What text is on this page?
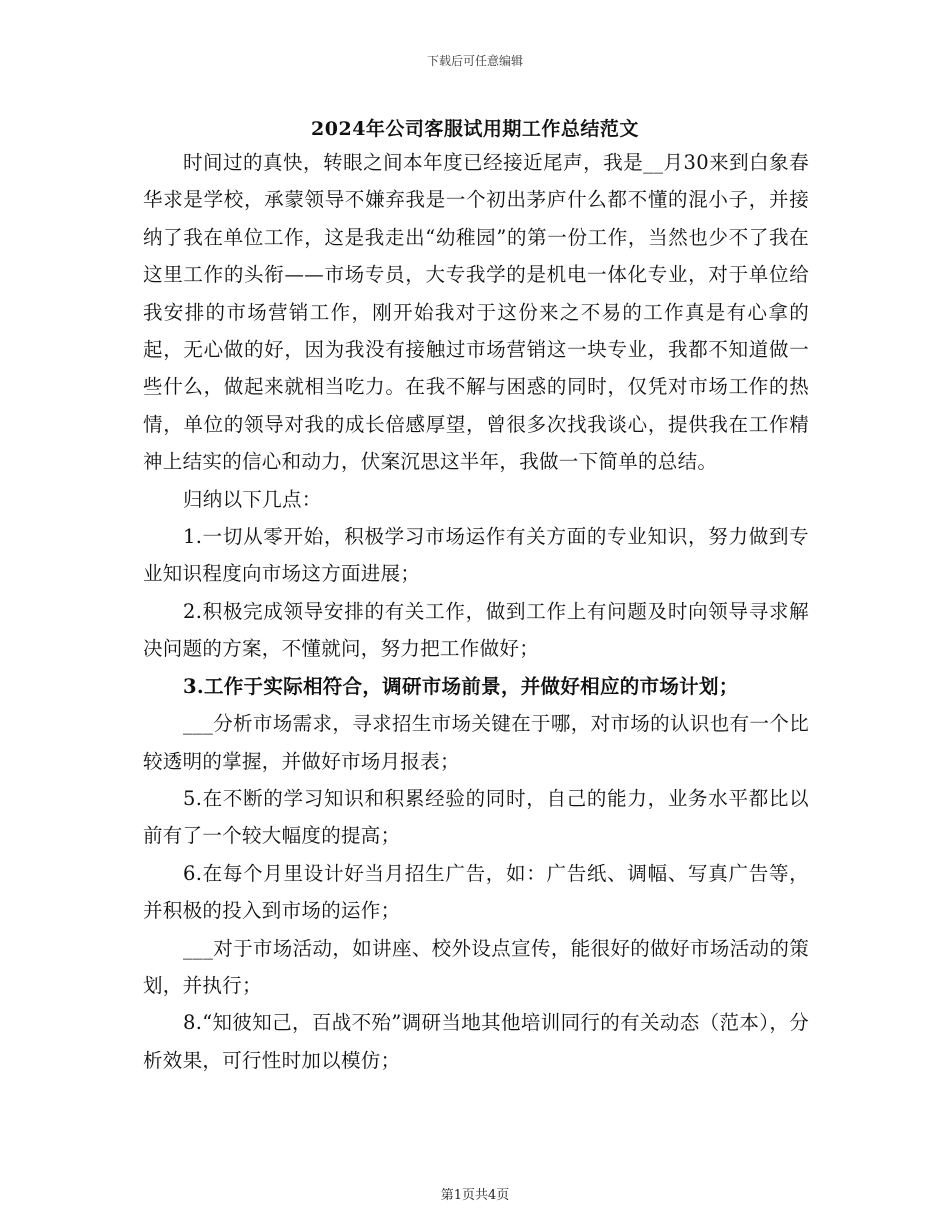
下载后可任意编辑
2024年公司客服试用期工作总结范文

时间过的真快，转眼之间本年度已经接近尾声，我是__月30来到白象春华求是学校，承蒙领导不嫌弃我是一个初出茅庐什么都不懂的混小子，并接纳了我在单位工作，这是我走出“幼稚园”的第一份工作，当然也少不了我在这里工作的头衔——市场专员，大专我学的是机电一体化专业，对于单位给我安排的市场营销工作，刚开始我对于这份来之不易的工作真是有心拿的起，无心做的好，因为我没有接触过市场营销这一块专业，我都不知道做一些什么，做起来就相当吃力。在我不解与困惑的同时，仅凭对市场工作的热情，单位的领导对我的成长倍感厚望，曾很多次找我谈心，提供我在工作精神上结实的信心和动力，伏案沉思这半年，我做一下简单的总结。

归纳以下几点：

1.一切从零开始，积极学习市场运作有关方面的专业知识，努力做到专业知识程度向市场这方面进展；

2.积极完成领导安排的有关工作，做到工作上有问题及时向领导寻求解决问题的方案，不懂就问，努力把工作做好；

3.工作于实际相符合，调研市场前景，并做好相应的市场计划；

___分析市场需求，寻求招生市场关键在于哪，对市场的认识也有一个比较透明的掌握，并做好市场月报表；

5.在不断的学习知识和积累经验的同时，自己的能力，业务水平都比以前有了一个较大幅度的提高；

6.在每个月里设计好当月招生广告，如：广告纸、调幅、写真广告等，并积极的投入到市场的运作；

___对于市场活动，如讲座、校外设点宣传，能很好的做好市场活动的策划，并执行；

8.“知彼知己，百战不殆”调研当地其他培训同行的有关动态（范本），分析效果，可行性时加以模仿；

第1页共4页
